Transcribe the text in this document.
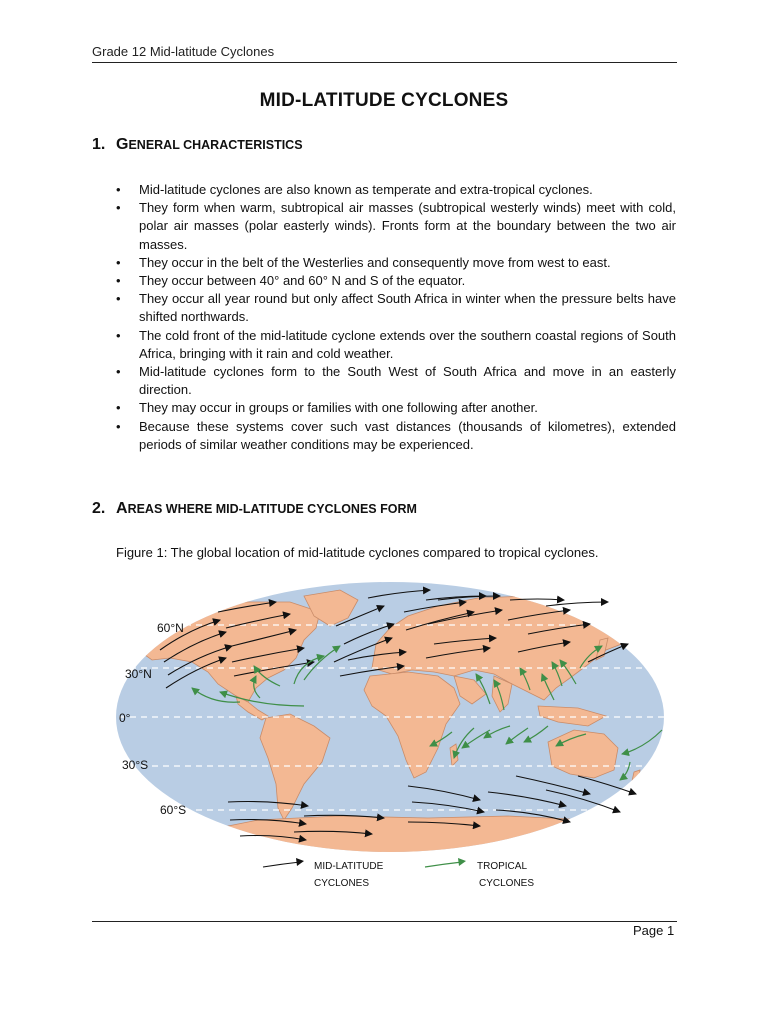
Grade 12 Mid-latitude Cyclones
MID-LATITUDE CYCLONES
1. GENERAL CHARACTERISTICS
• Mid-latitude cyclones are also known as temperate and extra-tropical cyclones.
• They form when warm, subtropical air masses (subtropical westerly winds) meet with cold, polar air masses (polar easterly winds). Fronts form at the boundary between the two air masses.
• They occur in the belt of the Westerlies and consequently move from west to east.
• They occur between 40° and 60° N and S of the equator.
• They occur all year round but only affect South Africa in winter when the pressure belts have shifted northwards.
• The cold front of the mid-latitude cyclone extends over the southern coastal regions of South Africa, bringing with it rain and cold weather.
• Mid-latitude cyclones form to the South West of South Africa and move in an easterly direction.
• They may occur in groups or families with one following after another.
• Because these systems cover such vast distances (thousands of kilometres), extended periods of similar weather conditions may be experienced.
2. AREAS WHERE MID-LATITUDE CYCLONES FORM
Figure 1: The global location of mid-latitude cyclones compared to tropical cyclones.
60°N
30°N
0°
30°S
60°S
MID-LATITUDE
CYCLONES
TROPICAL
CYCLONES
Page 1
